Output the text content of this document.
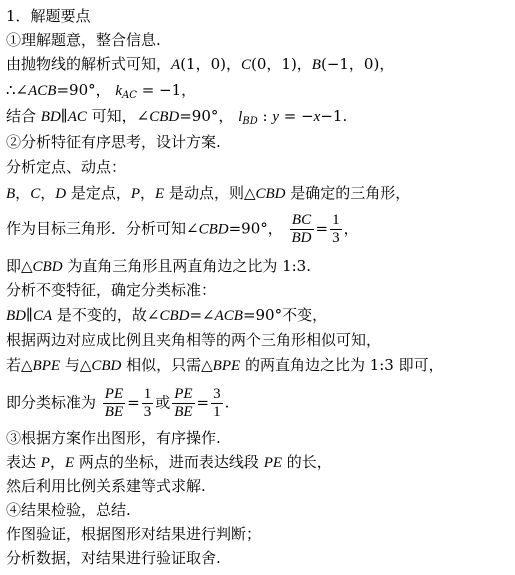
1．解题要点
①理解题意，整合信息.
由抛物线的解析式可知，A(1，0)，C(0，1)，B(−1，0)，
∴∠ACB=90°， $k_{AC} = -1$，
结合 BD∥AC 可知，∠CBD=90°， $l_{BD}$ : y = −x−1.
②分析特征有序思考，设计方案.
分析定点、动点：
B，C，D 是定点，P，E 是动点，则△CBD 是确定的三角形，
作为目标三角形．分析可知∠CBD=90°， $\frac{BC}{BD} = \frac{1}{3}$ ，
即△CBD 为直角三角形且两直角边之比为 1:3.
分析不变特征，确定分类标准：
BD∥CA 是不变的，故∠CBD=∠ACB=90°不变，
根据两边对应成比例且夹角相等的两个三角形相似可知，
若△BPE 与△CBD 相似，只需△BPE 的两直角边之比为 1:3 即可，
即分类标准为 $\frac{PE}{BE} = \frac{1}{3}$ 或 $\frac{PE}{BE} = \frac{3}{1}$ .
③根据方案作出图形，有序操作.
表达 P，E 两点的坐标，进而表达线段 PE 的长，
然后利用比例关系建等式求解.
④结果检验，总结.
作图验证，根据图形对结果进行判断；
分析数据，对结果进行验证取舍.
